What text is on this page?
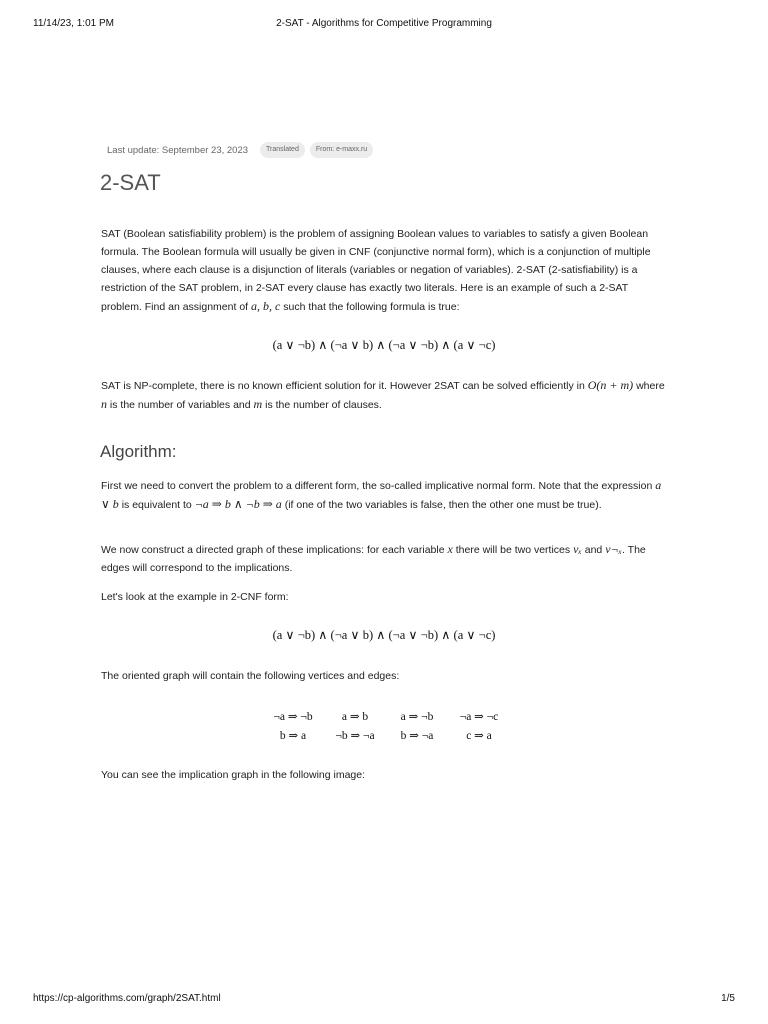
11/14/23, 1:01 PM	2-SAT - Algorithms for Competitive Programming
Last update: September 23, 2023	Translated	From: e-maxx.ru
2-SAT

SAT (Boolean satisfiability problem) is the problem of assigning Boolean values to variables to satisfy a given Boolean formula. The Boolean formula will usually be given in CNF (conjunctive normal form), which is a conjunction of multiple clauses, where each clause is a disjunction of literals (variables or negation of variables). 2-SAT (2-satisfiability) is a restriction of the SAT problem, in 2-SAT every clause has exactly two literals. Here is an example of such a 2-SAT problem. Find an assignment of a, b, c such that the following formula is true:

(a ∨ ¬b) ∧ (¬a ∨ b) ∧ (¬a ∨ ¬b) ∧ (a ∨ ¬c)

SAT is NP-complete, there is no known efficient solution for it. However 2SAT can be solved efficiently in O(n + m) where n is the number of variables and m is the number of clauses.

Algorithm:

First we need to convert the problem to a different form, the so-called implicative normal form. Note that the expression a ∨ b is equivalent to ¬a ⇒ b ∧ ¬b ⇒ a (if one of the two variables is false, then the other one must be true).

We now construct a directed graph of these implications: for each variable x there will be two vertices vₓ and v¬ₓ. The edges will correspond to the implications.

Let's look at the example in 2-CNF form:

(a ∨ ¬b) ∧ (¬a ∨ b) ∧ (¬a ∨ ¬b) ∧ (a ∨ ¬c)

The oriented graph will contain the following vertices and edges:

¬a ⇒ ¬b	a ⇒ b	a ⇒ ¬b	¬a ⇒ ¬c
b ⇒ a	¬b ⇒ ¬a	b ⇒ ¬a	c ⇒ a

You can see the implication graph in the following image:

https://cp-algorithms.com/graph/2SAT.html	1/5
